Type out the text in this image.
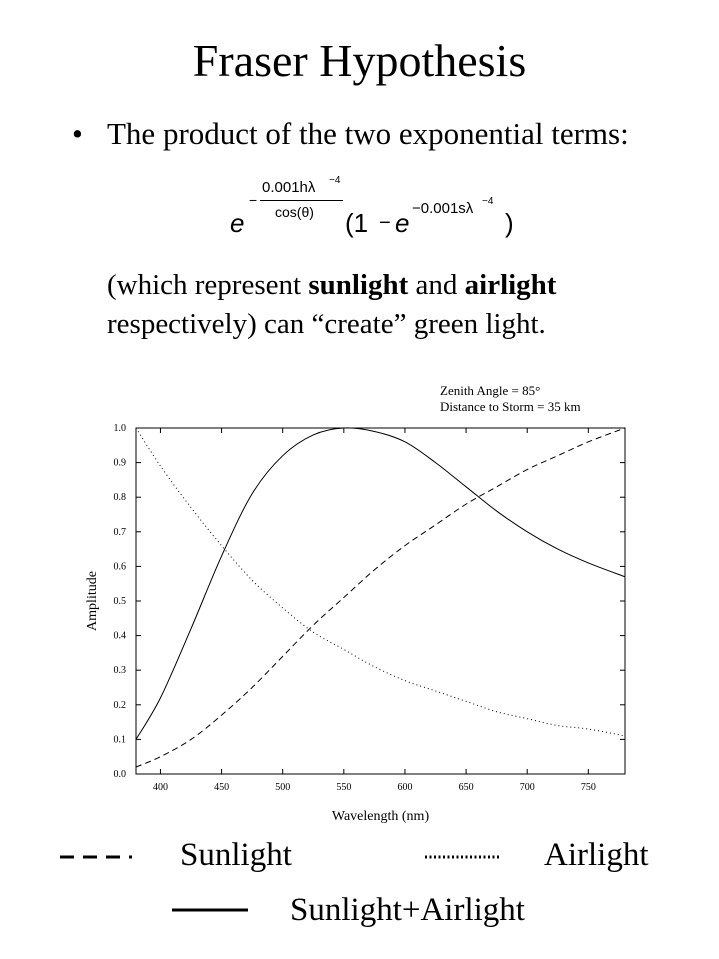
Fraser Hypothesis
• The product of the two exponential terms:
e
−
0.001hλ −4
cos(θ) (1 − e −0.001sλ −4
)
(which represent sunlight and airlight
respectively) can “create” green light.
Zenith Angle = 85°
Distance to Storm = 35 km
0.0
0.1
0.2
0.3
0.4
0.5
0.6
0.7
0.8
0.9
1.0
400	450	500	550	600	650	700	750
Wavelength (nm)
Amplitude
Sunlight	Airlight
Sunlight+Airlight
